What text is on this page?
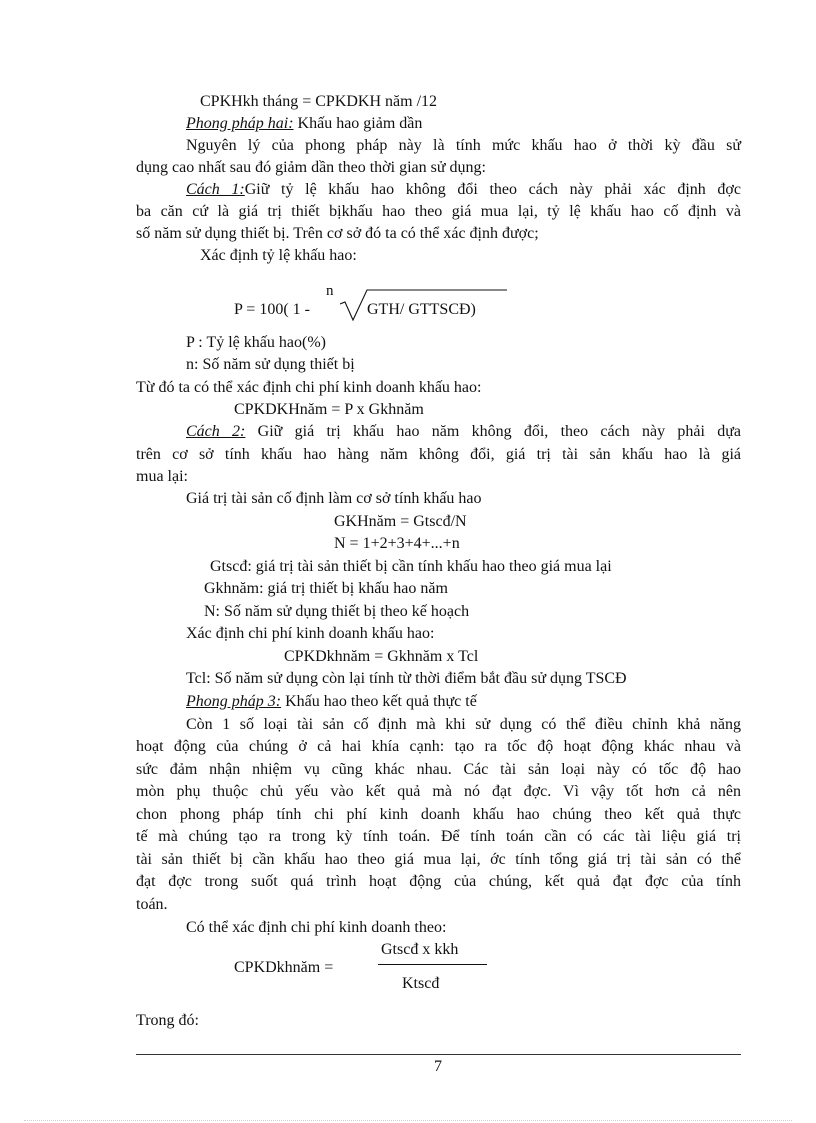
CPKHkh tháng = CPKDKH năm /12
Phong pháp hai: Khấu hao giảm dần
Nguyên lý của phong pháp này là tính mức khấu hao ở thời kỳ đầu sử
dụng cao nhất sau đó giảm dần theo thời gian sử dụng:
Cách 1:Giữ tỷ lệ khấu hao không đổi theo cách này phải xác định đợc
ba căn cứ là giá trị thiết bịkhấu hao theo giá mua lại, tỷ lệ khấu hao cố định và
số năm sử dụng thiết bị. Trên cơ sở đó ta có thể xác định được;
Xác định tỷ lệ khấu hao:
P = 100( 1 -
n
GTH/ GTTSCĐ)
P : Tỷ lệ khấu hao(%)
n: Số năm sử dụng thiết bị
Từ đó ta có thể xác định chi phí kinh doanh khấu hao:
CPKDKHnăm = P x Gkhnăm
Cách 2: Giữ giá trị khấu hao năm không đổi, theo cách này phải dựa
trên cơ sở tính khấu hao hàng năm không đổi, giá trị tài sản khấu hao là giá
mua lại:
Giá trị tài sản cố định làm cơ sở tính khấu hao
GKHnăm = Gtscđ/N
N = 1+2+3+4+...+n
Gtscđ: giá trị tài sản thiết bị cần tính khấu hao theo giá mua lại
Gkhnăm: giá trị thiết bị khấu hao năm
N: Số năm sử dụng thiết bị theo kế hoạch
Xác định chi phí kinh doanh khấu hao:
CPKDkhnăm = Gkhnăm x Tcl
Tcl: Số năm sử dụng còn lại tính từ thời điểm bắt đầu sử dụng TSCĐ
Phong pháp 3: Khấu hao theo kết quả thực tế
Còn 1 số loại tài sản cố định mà khi sử dụng có thể điều chỉnh khả năng
hoạt động của chúng ở cả hai khía cạnh: tạo ra tốc độ hoạt động khác nhau và
sức đảm nhận nhiệm vụ cũng khác nhau. Các tài sản loại này có tốc độ hao
mòn phụ thuộc chủ yếu vào kết quả mà nó đạt đợc. Vì vậy tốt hơn cả nên
chon phong pháp tính chi phí kinh doanh khấu hao chúng theo kết quả thực
tế mà chúng tạo ra trong kỳ tính toán. Để tính toán cần có các tài liệu giá trị
tài sản thiết bị cần khấu hao theo giá mua lại, ớc tính tổng giá trị tài sản có thể
đạt đợc trong suốt quá trình hoạt động của chúng, kết quả đạt đợc của tính
toán.
Có thể xác định chi phí kinh doanh theo:
CPKDkhnăm =
Gtscđ x kkh
Ktscđ
Trong đó:
7
